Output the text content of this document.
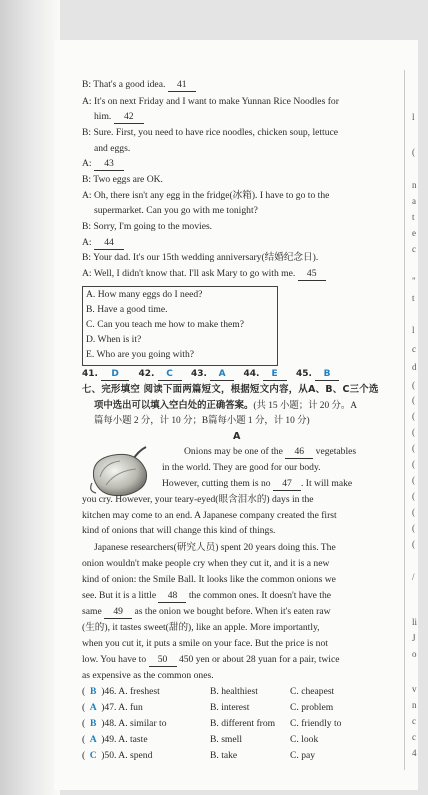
B: That's a good idea. 41
A: It's on next Friday and I want to make Yunnan Rice Noodles for
him. 42
B: Sure. First, you need to have rice noodles, chicken soup, lettuce
and eggs.
A: 43
B: Two eggs are OK.
A: Oh, there isn't any egg in the fridge(冰箱). I have to go to the
supermarket. Can you go with me tonight?
B: Sorry, I'm going to the movies.
A: 44
B: Your dad. It's our 15th wedding anniversary(结婚纪念日).
A: Well, I didn't know that. I'll ask Mary to go with me. 45
A. How many eggs do I need?
B. Have a good time.
C. Can you teach me how to make them?
D. When is it?
E. Who are you going with?
41. D 42. C 43. A 44. E 45. B
七、完形填空 阅读下面两篇短文，根据短文内容，从A、B、C三个选
项中选出可以填入空白处的正确答案。(共 15 小题；计 20 分。A
篇每小题 2 分，计 10 分；B篇每小题 1 分，计 10 分)
A
Onions may be one of the 46 vegetables
in the world. They are good for our body.
However, cutting them is no 47 . It will make
you cry. However, your teary-eyed(眼含泪水的) days in the
kitchen may come to an end. A Japanese company created the first
kind of onions that will change this kind of things.
Japanese researchers(研究人员) spent 20 years doing this. The
onion wouldn't make people cry when they cut it, and it is a new
kind of onion: the Smile Ball. It looks like the common onions we
see. But it is a little 48 the common ones. It doesn't have the
same 49 as the onion we bought before. When it's eaten raw
(生的), it tastes sweet(甜的), like an apple. More importantly,
when you cut it, it puts a smile on your face. But the price is not
low. You have to 50 450 yen or about 28 yuan for a pair, twice
as expensive as the common ones.
( B )46. A. freshest	B. healthiest	C. cheapest
( A )47. A. fun	B. interest	C. problem
( B )48. A. similar to	B. different from C. friendly to
( A )49. A. taste	B. smell	C. look
( C )50. A. spend	B. take	C. pay
l
(
n
a
t
e
c
"
t
l
c
d
(
(
(
(
(
(
(
(
(
(
(
/
li
J
o
v
n
c
c
4
